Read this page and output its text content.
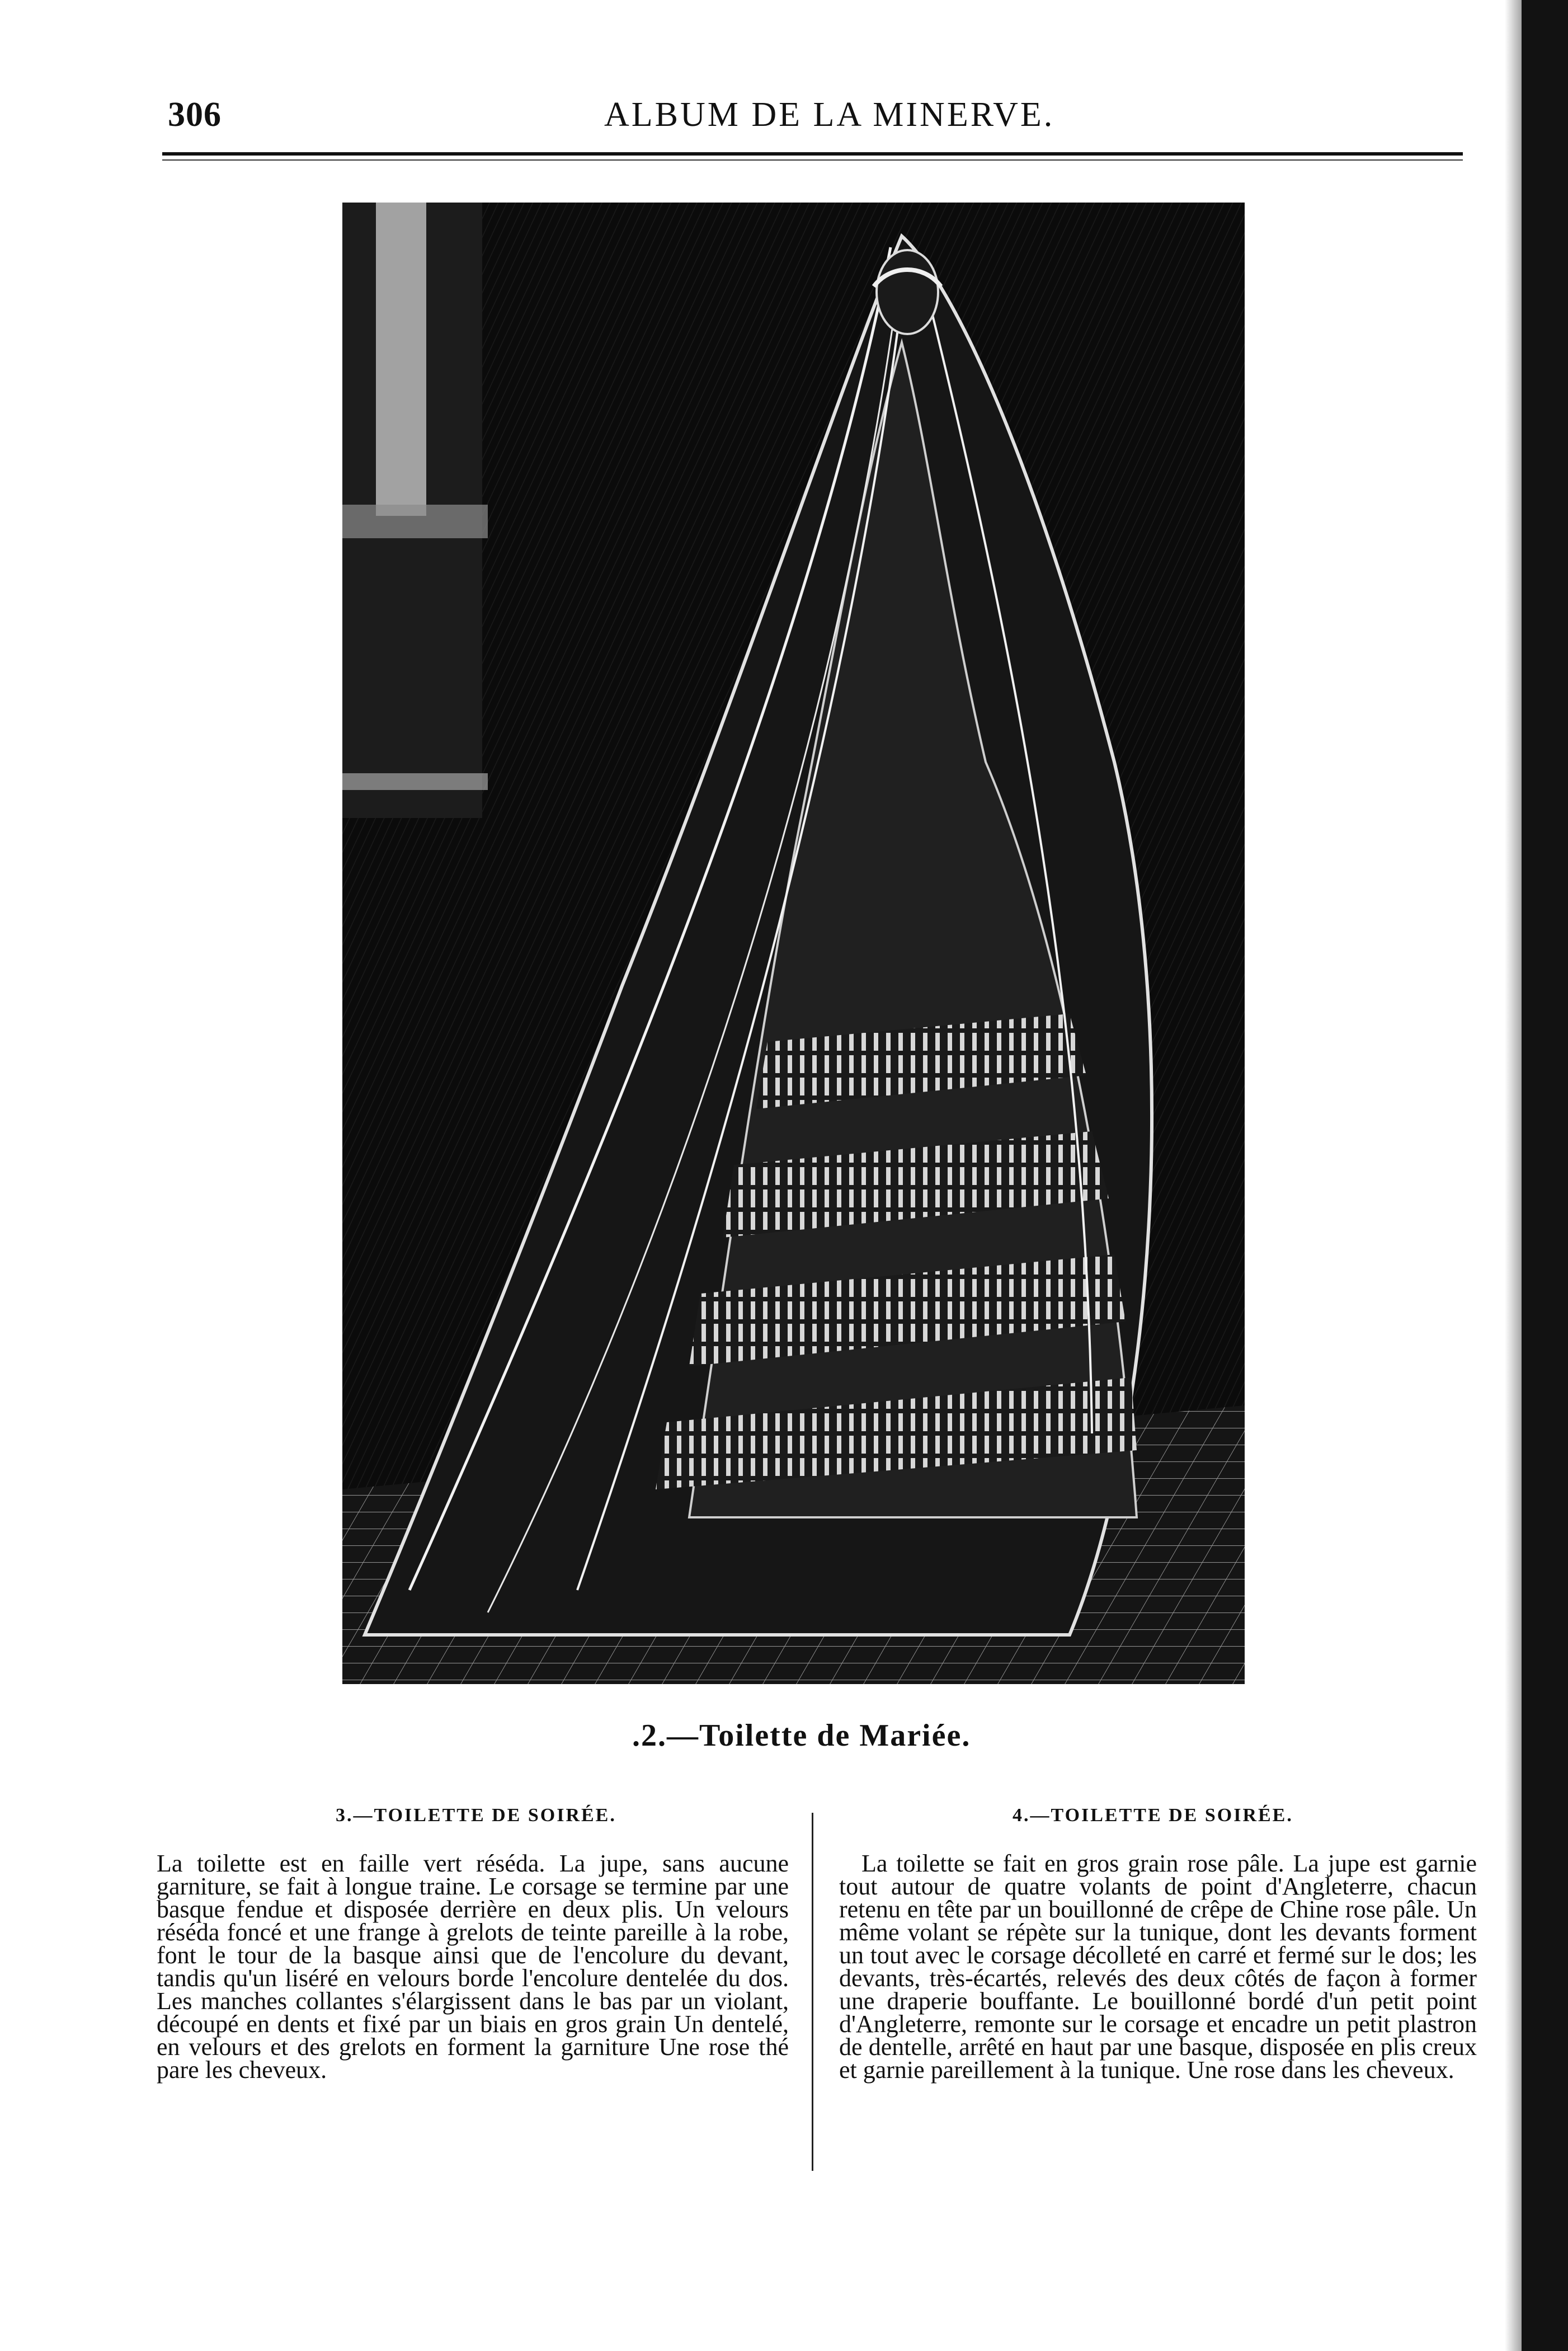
306	ALBUM DE LA MINERVE.
.2.—Toilette de Mariée.
3.—TOILETTE DE SOIRÉE.	4.—TOILETTE DE SOIRÉE.

La toilette est en faille vert réséda. La jupe, sans aucune garniture, se fait à longue traine. Le corsage se termine par une basque fendue et disposée derrière en deux plis. Un velours réséda foncé et une frange à grelots de teinte pareille à la robe, font le tour de la basque ainsi que de l'encolure du devant, tandis qu'un liséré en velours borde l'encolure dentelée du dos. Les manches collantes s'élargissent dans le bas par un violant, découpé en dents et fixé par un biais en gros grain Un dentelé, en velours et des grelots en forment la garniture Une rose thé pare les cheveux.

La toilette se fait en gros grain rose pâle. La jupe est garnie tout autour de quatre volants de point d'Angleterre, chacun retenu en tête par un bouillonné de crêpe de Chine rose pâle. Un même volant se répète sur la tunique, dont les devants forment un tout avec le corsage décolleté en carré et fermé sur le dos; les devants, très-écartés, relevés des deux côtés de façon à former une draperie bouffante. Le bouillonné bordé d'un petit point d'Angleterre, remonte sur le corsage et encadre un petit plastron de dentelle, arrêté en haut par une basque, disposée en plis creux et garnie pareillement à la tunique. Une rose dans les cheveux.
